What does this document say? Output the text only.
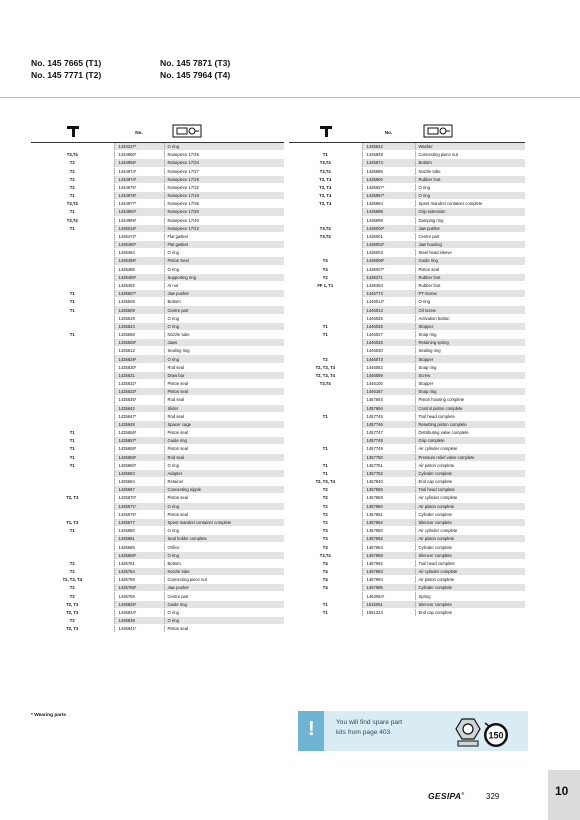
No. 145 7665 (T1)
No. 145 7771 (T2)
No. 145 7871 (T3)
No. 145 7964 (T4)
	No.	
	1434227*	O ring
T3,T4	1434860*	Nosepiece 17/45
T2	1434955*	Nosepiece 17/24
T2	1434973*	Nosepiece 17/27
T2	1434974*	Nosepiece 17/29
T2	1434975*	Nosepiece 17/32
T1	1434976*	Nosepiece 17/18
T3,T4	1434977*	Nosepiece 17/36
T1	1434994*	Nosepiece 17/20
T3,T4	1434999*	Nosepiece 17/40
T1	1435018*	Nosepiece 17/22
	1435472*	Flat gasket
	1435480*	Flat gasket
	1435484	O ring
	1435485*	Piston Seal
	1435486	O ring
	1435488*	Supporting ring
	1435492	Al nut
T1	1435507*	Jaw pusher
T1	1435508	Bottom
T1	1435509	Centre part
	1435519	O ring
	1435524	O ring
T1	1435558	Nozzle tube
	1435568*	Jaws
	1435612	Sealing ring
	1435629*	O ring
	1435630*	Rod seal
	1435631	Draw bar
	1435632*	Piston seal
	1435633*	Piston seal
	1435635*	Rod seal
	1435642	Slider
	1435647*	Rod seal
	1435648	Spacer cage
T1	1435656*	Piston seal
T1	1435657*	Guide ring
T1	1435658*	Piston seal
T1	1435659*	Rod seal
T1	1435660*	O ring
	1435663	Adapter
	1435664	Retainer
	1435667	Connecting nipple
T2, T3	1435670*	Piston seal
	1435671*	O ring
	1435675*	Piston seal
T1, T3	1435677	Spent mandrel container complete
T1	1435680	O ring
	1435681	Seal holder complete
	1435686	Orifice
	1435688*	O ring
T2	1435761	Bottom
T2	1435764	Nozzle tube
T2, T3, T4	1435766	Connecting piece nut
T2	1435768*	Jaw pusher
T2	1435769	Centre part
T2, T3	1435825*	Guide ring
T2, T3	1435834*	O ring
T2	1435839	O ring
T2, T3	1435841*	Piston seal
	No.	
	1435842	Washer
T1	1435849	Connecting piece nut
T3,T4	1435874	Bottom
T3,T4	1435886	Nozzle tube
T3, T4	1435900	Rubber foot
T3, T4	1435937*	O ring
T3, T4	1435957*	O ring
T3, T4	1435964	Spent mandrel container complete
	1435998	Grip extension
	1435999	Damping ring
T3,T4	1436000*	Jaw pusher
T3,T4	1436001	Centre part
	1436002*	Jaw housing
	1436003	Steel head sleeve
T4	1436006*	Guide ring
T4	1436007*	Piston seal
T2	1436371	Rubber foot
FF 1, T1	1436394	Rubber foot
	1445773	PT-Screw
	1446012*	O ring
	1446013	Oil screw
	1446025	Activation button
T1	1446026	Stopper
T1	1446027	Snap ring
	1446028	Retaining spring
	1446030	Sealing ring
T2	1446073	Stopper
T2, T3, T4	1446082	Snap ring
T2, T3, T4	1446089	Screw
T3,T4	1446100	Stopper
	1446167	Snap ring
	1457693	Piston housing complete
	1457694	Control piston complete
T1	1457745	Tool head complete
	1457746	Resetting piston complete
	1457747	Distributing valve complete
	1457748	Grip complete
T1	1457749	Air cylinder complete
	1457750	Pressure relief valve complete
T1	1457751	Air piston complete
T1	1457752	Cylinder complete
T2, T3, T4	1457840	End cap complete
T2	1457856	Tool head complete
T2	1457859	Air cylinder complete
T2	1457860	Air piston complete
T2	1457861	Cylinder complete
T2	1457862	Silencer complete
T3	1457950	Air cylinder complete
T3	1457952	Air piston complete
T3	1457953	Cylinder complete
T3,T4	1457958	Silencer complete
T4	1457992	Tool head complete
T4	1457993	Air cylinder complete
T4	1457994	Air piston complete
T4	1457995	Cylinder complete
	1463064*	Spring
T1	1515051	Silencer complete
T1	1651223	End cap complete
* Wearing parts
!	You will find spare part
kits from page 403	150
GESIPA®	329	10
